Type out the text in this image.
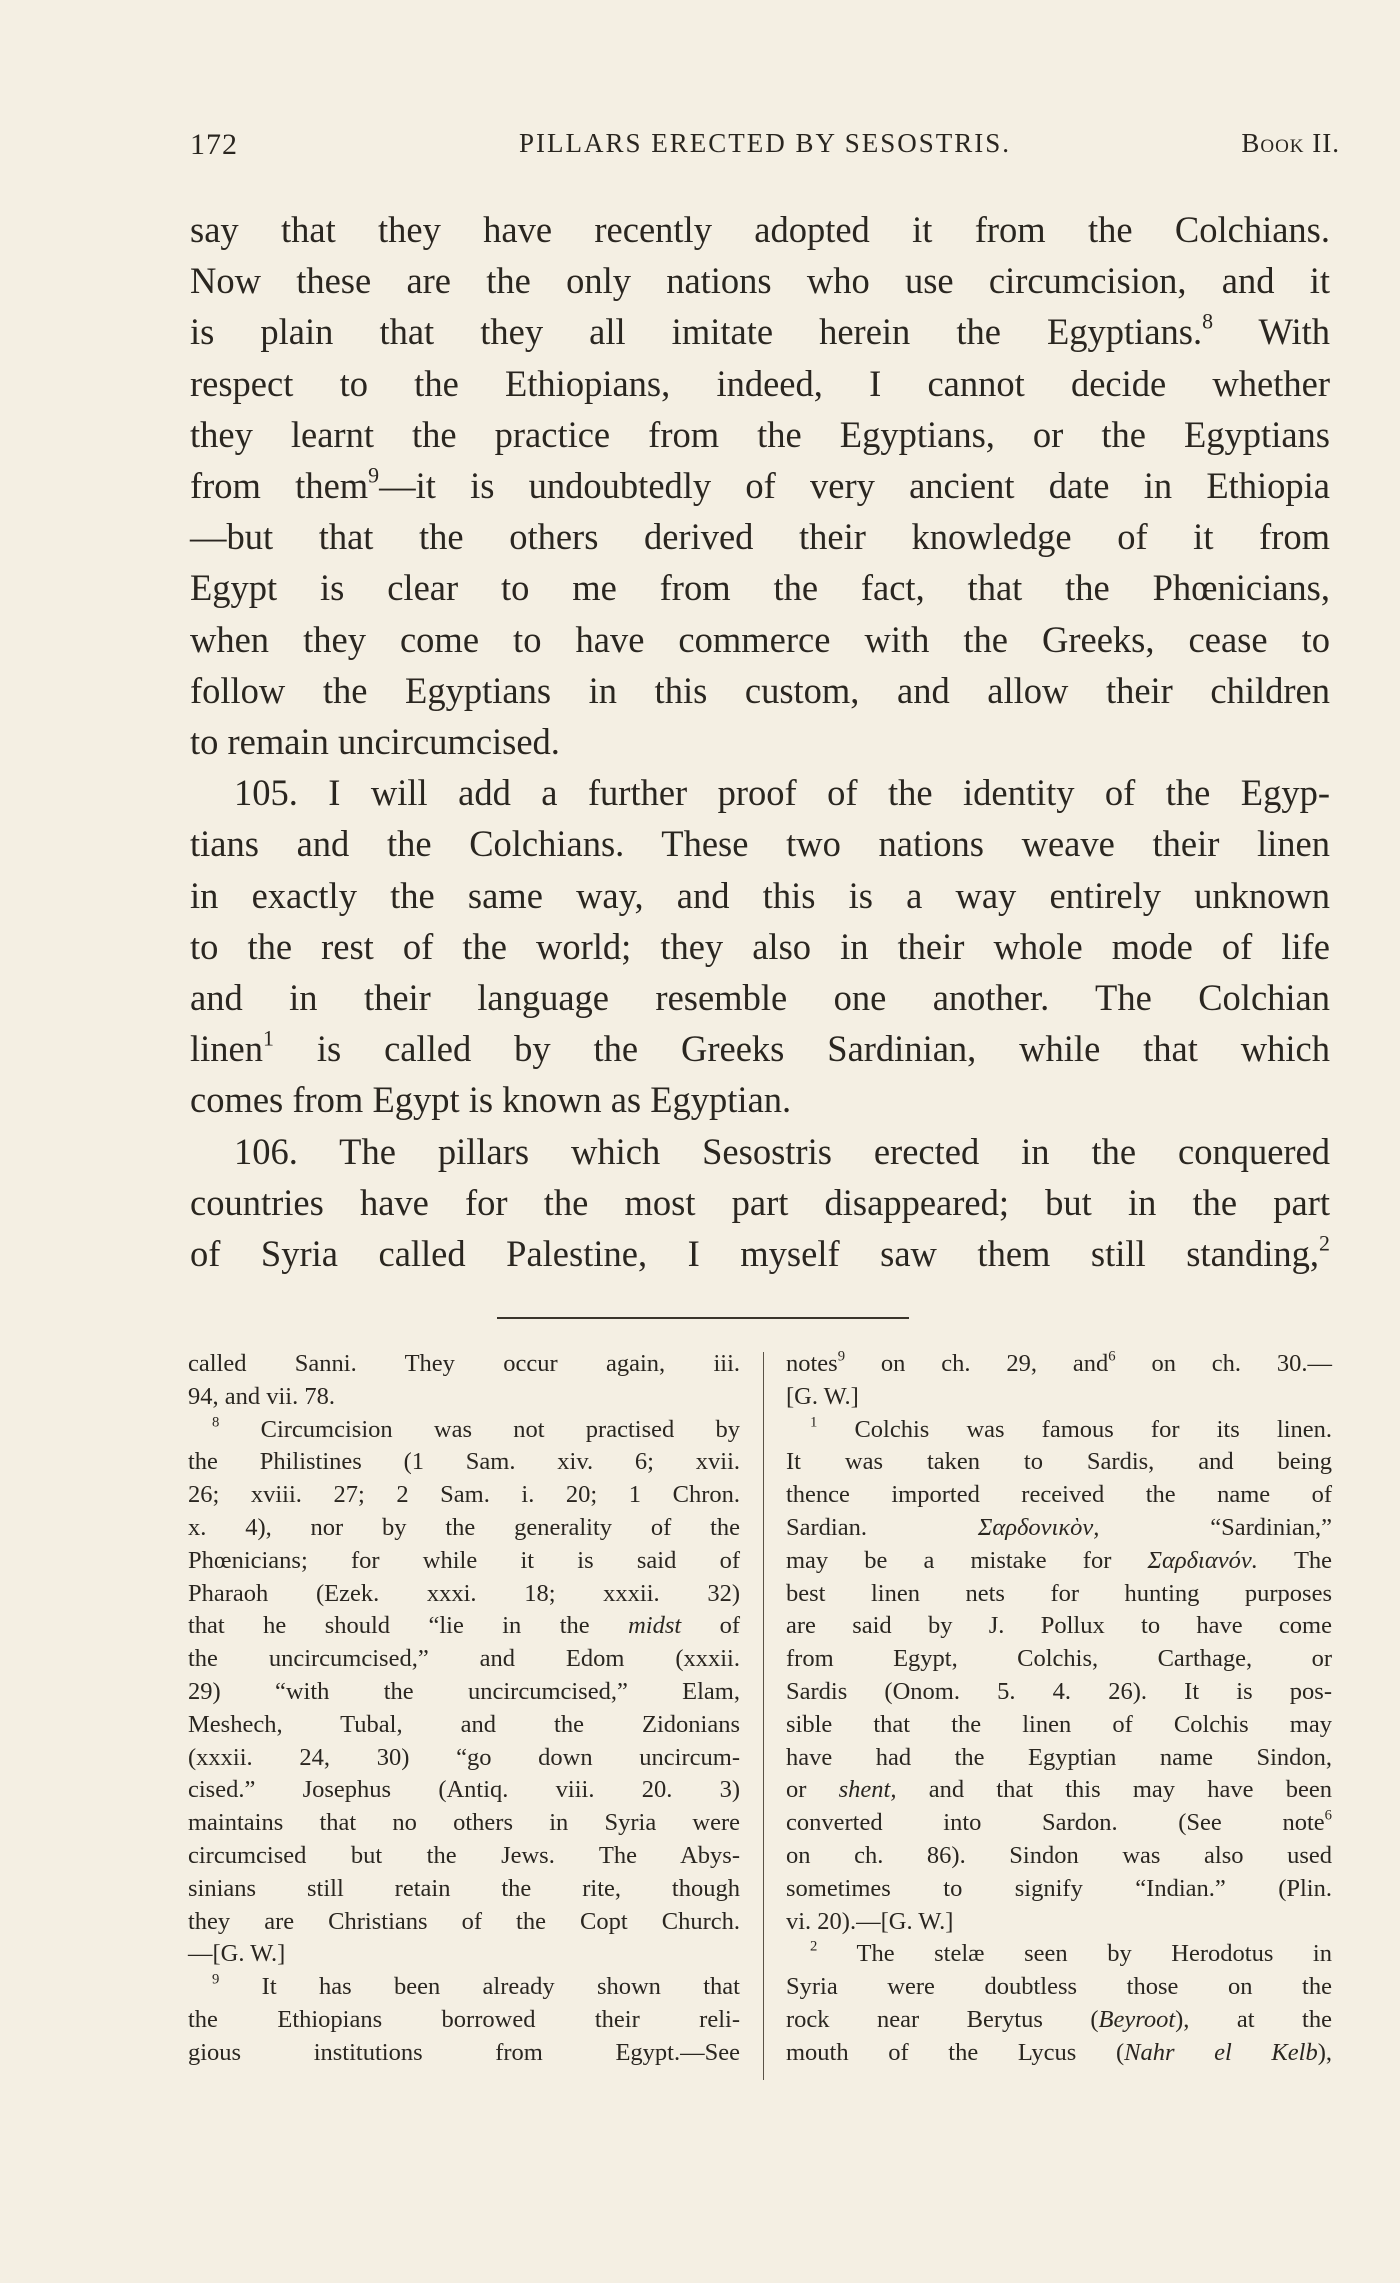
172	PILLARS ERECTED BY SESOSTRIS.	Book II.
say that they have recently adopted it from the Colchians.
Now these are the only nations who use circumcision, and it
is plain that they all imitate herein the Egyptians.$^8$ With
respect to the Ethiopians, indeed, I cannot decide whether
they learnt the practice from the Egyptians, or the Egyptians
from them$^9$—it is undoubtedly of very ancient date in Ethiopia
—but that the others derived their knowledge of it from
Egypt is clear to me from the fact, that the Phœnicians,
when they come to have commerce with the Greeks, cease to
follow the Egyptians in this custom, and allow their children
to remain uncircumcised.
105. I will add a further proof of the identity of the Egyp-
tians and the Colchians. These two nations weave their linen
in exactly the same way, and this is a way entirely unknown
to the rest of the world; they also in their whole mode of life
and in their language resemble one another. The Colchian
linen$^1$ is called by the Greeks Sardinian, while that which
comes from Egypt is known as Egyptian.
106. The pillars which Sesostris erected in the conquered
countries have for the most part disappeared; but in the part
of Syria called Palestine, I myself saw them still standing,$^2$
called Sanni. They occur again, iii.
94, and vii. 78.
$^8$ Circumcision was not practised by
the Philistines (1 Sam. xiv. 6; xvii.
26; xviii. 27; 2 Sam. i. 20; 1 Chron.
x. 4), nor by the generality of the
Phœnicians; for while it is said of
Pharaoh (Ezek. xxxi. 18; xxxii. 32)
that he should “lie in the midst of
the uncircumcised,” and Edom (xxxii.
29) “with the uncircumcised,” Elam,
Meshech, Tubal, and the Zidonians
(xxxii. 24, 30) “go down uncircum-
cised.” Josephus (Antiq. viii. 20. 3)
maintains that no others in Syria were
circumcised but the Jews. The Abys-
sinians still retain the rite, though
they are Christians of the Copt Church.
—[G. W.]
$^9$ It has been already shown that
the Ethiopians borrowed their reli-
gious institutions from Egypt.—See
notes$^9$ on ch. 29, and$^6$ on ch. 30.—
[G. W.]
$^1$ Colchis was famous for its linen.
It was taken to Sardis, and being
thence imported received the name of
Sardian.	Σαρδονικὸν,	“Sardinian,”
may be a mistake for Σαρδιανόν. The
best linen nets for hunting purposes
are said by J. Pollux to have come
from Egypt, Colchis, Carthage, or
Sardis (Onom. 5. 4. 26). It is pos-
sible that the linen of Colchis may
have had the Egyptian name Sindon,
or shent, and that this may have been
converted into Sardon. (See note$^6$
on ch. 86). Sindon was also used
sometimes to signify “Indian.” (Plin.
vi. 20).—[G. W.]
$^2$ The stelæ seen by Herodotus in
Syria were doubtless those on the
rock near Berytus (Beyroot), at the
mouth of the Lycus (Nahr el Kelb),
